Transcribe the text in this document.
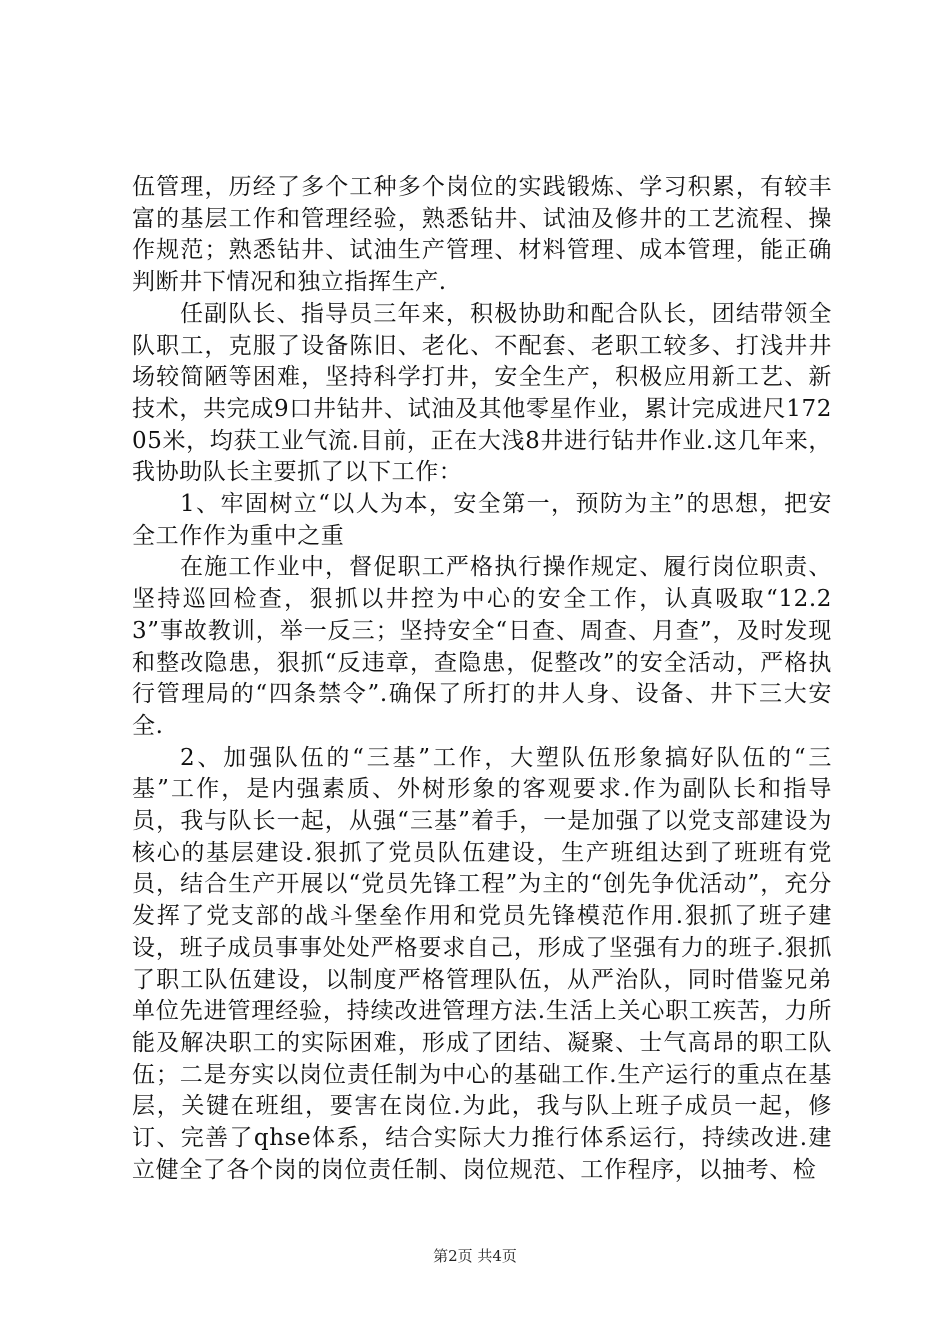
伍管理，历经了多个工种多个岗位的实践锻炼、学习积累，有较丰富的基层工作和管理经验，熟悉钻井、试油及修井的工艺流程、操作规范；熟悉钻井、试油生产管理、材料管理、成本管理，能正确判断井下情况和独立指挥生产.

任副队长、指导员三年来，积极协助和配合队长，团结带领全队职工，克服了设备陈旧、老化、不配套、老职工较多、打浅井井场较简陋等困难，坚持科学打井，安全生产，积极应用新工艺、新技术，共完成9口井钻井、试油及其他零星作业，累计完成进尺17205米，均获工业气流.目前，正在大浅8井进行钻井作业.这几年来，我协助队长主要抓了以下工作：

1、牢固树立“以人为本，安全第一，预防为主”的思想，把安全工作作为重中之重

在施工作业中，督促职工严格执行操作规定、履行岗位职责、坚持巡回检查，狠抓以井控为中心的安全工作，认真吸取“12.23”事故教训，举一反三；坚持安全“日查、周查、月查”，及时发现和整改隐患，狠抓“反违章，查隐患，促整改”的安全活动，严格执行管理局的“四条禁令”.确保了所打的井人身、设备、井下三大安全.

2、加强队伍的“三基”工作，大塑队伍形象搞好队伍的“三基”工作，是内强素质、外树形象的客观要求.作为副队长和指导员，我与队长一起，从强“三基”着手，一是加强了以党支部建设为核心的基层建设.狠抓了党员队伍建设，生产班组达到了班班有党员，结合生产开展以“党员先锋工程”为主的“创先争优活动”，充分发挥了党支部的战斗堡垒作用和党员先锋模范作用.狠抓了班子建设，班子成员事事处处严格要求自己，形成了坚强有力的班子.狠抓了职工队伍建设，以制度严格管理队伍，从严治队，同时借鉴兄弟单位先进管理经验，持续改进管理方法.生活上关心职工疾苦，力所能及解决职工的实际困难，形成了团结、凝聚、士气高昂的职工队伍；二是夯实以岗位责任制为中心的基础工作.生产运行的重点在基层，关键在班组，要害在岗位.为此，我与队上班子成员一起，修订、完善了qhse体系，结合实际大力推行体系运行，持续改进.建立健全了各个岗的岗位责任制、岗位规范、工作程序，以抽考、检

第2页 共4页
